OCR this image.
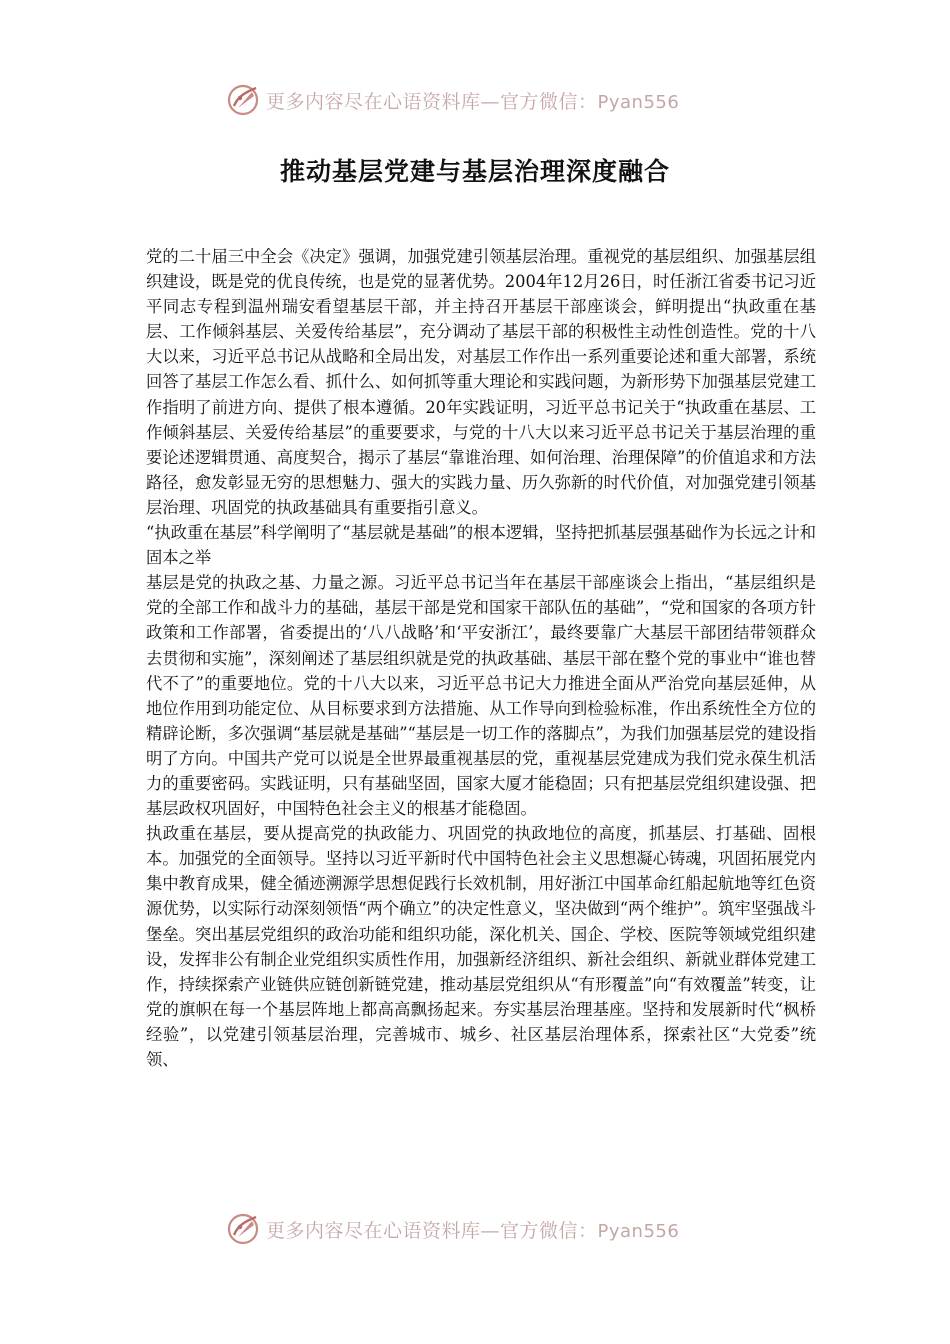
更多内容尽在心语资料库—官方微信：Pyan556
推动基层党建与基层治理深度融合

党的二十届三中全会《决定》强调，加强党建引领基层治理。重视党的基层组织、加强基层组织建设，既是党的优良传统，也是党的显著优势。2004年12月26日，时任浙江省委书记习近平同志专程到温州瑞安看望基层干部，并主持召开基层干部座谈会，鲜明提出“执政重在基层、工作倾斜基层、关爱传给基层”，充分调动了基层干部的积极性主动性创造性。党的十八大以来，习近平总书记从战略和全局出发，对基层工作作出一系列重要论述和重大部署，系统回答了基层工作怎么看、抓什么、如何抓等重大理论和实践问题，为新形势下加强基层党建工作指明了前进方向、提供了根本遵循。20年实践证明，习近平总书记关于“执政重在基层、工作倾斜基层、关爱传给基层”的重要要求，与党的十八大以来习近平总书记关于基层治理的重要论述逻辑贯通、高度契合，揭示了基层“靠谁治理、如何治理、治理保障”的价值追求和方法路径，愈发彰显无穷的思想魅力、强大的实践力量、历久弥新的时代价值，对加强党建引领基层治理、巩固党的执政基础具有重要指引意义。

“执政重在基层”科学阐明了“基层就是基础”的根本逻辑，坚持把抓基层强基础作为长远之计和固本之举

基层是党的执政之基、力量之源。习近平总书记当年在基层干部座谈会上指出，“基层组织是党的全部工作和战斗力的基础，基层干部是党和国家干部队伍的基础”，“党和国家的各项方针政策和工作部署，省委提出的‘八八战略’和‘平安浙江’，最终要靠广大基层干部团结带领群众去贯彻和实施”，深刻阐述了基层组织就是党的执政基础、基层干部在整个党的事业中“谁也替代不了”的重要地位。党的十八大以来，习近平总书记大力推进全面从严治党向基层延伸，从地位作用到功能定位、从目标要求到方法措施、从工作导向到检验标准，作出系统性全方位的精辟论断，多次强调“基层就是基础”“基层是一切工作的落脚点”，为我们加强基层党的建设指明了方向。中国共产党可以说是全世界最重视基层的党，重视基层党建成为我们党永葆生机活力的重要密码。实践证明，只有基础坚固，国家大厦才能稳固；只有把基层党组织建设强、把基层政权巩固好，中国特色社会主义的根基才能稳固。

执政重在基层，要从提高党的执政能力、巩固党的执政地位的高度，抓基层、打基础、固根本。加强党的全面领导。坚持以习近平新时代中国特色社会主义思想凝心铸魂，巩固拓展党内集中教育成果，健全循迹溯源学思想促践行长效机制，用好浙江中国革命红船起航地等红色资源优势，以实际行动深刻领悟“两个确立”的决定性意义，坚决做到“两个维护”。筑牢坚强战斗堡垒。突出基层党组织的政治功能和组织功能，深化机关、国企、学校、医院等领域党组织建设，发挥非公有制企业党组织实质性作用，加强新经济组织、新社会组织、新就业群体党建工作，持续探索产业链供应链创新链党建，推动基层党组织从“有形覆盖”向“有效覆盖”转变，让党的旗帜在每一个基层阵地上都高高飘扬起来。夯实基层治理基座。坚持和发展新时代“枫桥经验”，以党建引领基层治理，完善城市、城乡、社区基层治理体系，探索社区“大党委”统领、

更多内容尽在心语资料库—官方微信：Pyan556
